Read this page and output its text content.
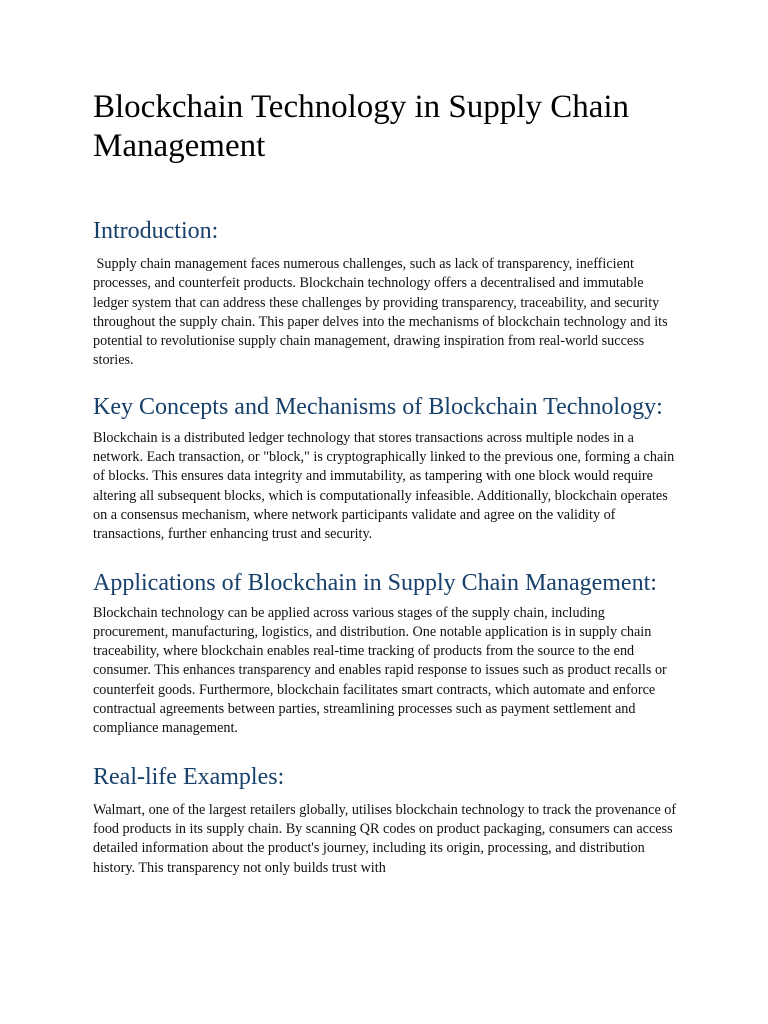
Blockchain Technology in Supply Chain Management
Introduction:

Supply chain management faces numerous challenges, such as lack of transparency, inefficient processes, and counterfeit products. Blockchain technology offers a decentralised and immutable ledger system that can address these challenges by providing transparency, traceability, and security throughout the supply chain. This paper delves into the mechanisms of blockchain technology and its potential to revolutionise supply chain management, drawing inspiration from real-world success stories.

Key Concepts and Mechanisms of Blockchain Technology:

Blockchain is a distributed ledger technology that stores transactions across multiple nodes in a network. Each transaction, or "block," is cryptographically linked to the previous one, forming a chain of blocks. This ensures data integrity and immutability, as tampering with one block would require altering all subsequent blocks, which is computationally infeasible. Additionally, blockchain operates on a consensus mechanism, where network participants validate and agree on the validity of transactions, further enhancing trust and security.

Applications of Blockchain in Supply Chain Management:

Blockchain technology can be applied across various stages of the supply chain, including procurement, manufacturing, logistics, and distribution. One notable application is in supply chain traceability, where blockchain enables real-time tracking of products from the source to the end consumer. This enhances transparency and enables rapid response to issues such as product recalls or counterfeit goods. Furthermore, blockchain facilitates smart contracts, which automate and enforce contractual agreements between parties, streamlining processes such as payment settlement and compliance management.

Real-life Examples:

Walmart, one of the largest retailers globally, utilises blockchain technology to track the provenance of food products in its supply chain. By scanning QR codes on product packaging, consumers can access detailed information about the product's journey, including its origin, processing, and distribution history. This transparency not only builds trust with
